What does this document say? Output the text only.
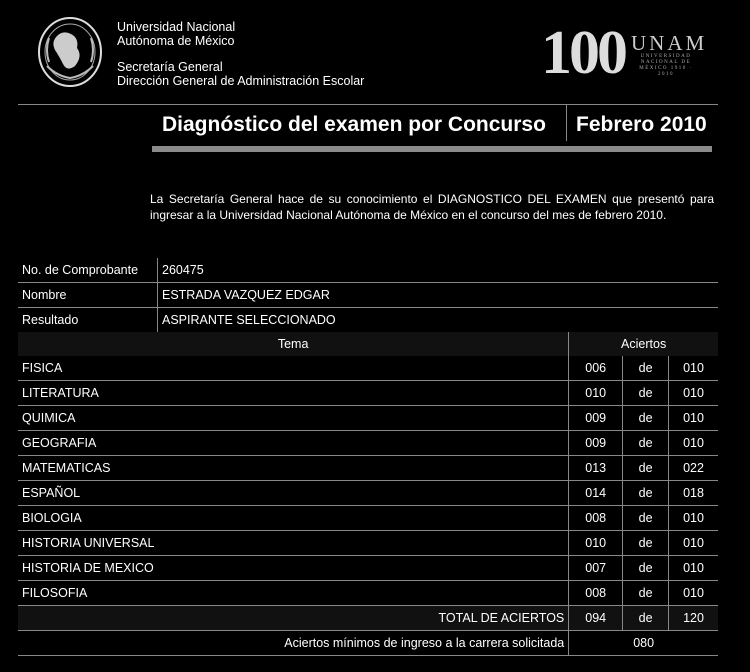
Universidad Nacional
Autónoma de México
Secretaría General
Dirección General de Administración Escolar	100 UNAM
UNIVERSIDAD NACIONAL DE MÉXICO 1910 · 2010
Diagnóstico del examen por Concurso Febrero 2010
La Secretaría General hace de su conocimiento el DIAGNOSTICO DEL EXAMEN que presentó para ingresar a la Universidad Nacional Autónoma de México en el concurso del mes de febrero 2010.
No. de Comprobante	260475
Nombre	ESTRADA VAZQUEZ EDGAR
Resultado	ASPIRANTE SELECCIONADO
Tema	Aciertos		
FISICA	006	de	010
LITERATURA	010	de	010
QUIMICA	009	de	010
GEOGRAFIA	009	de	010
MATEMATICAS	013	de	022
ESPAÑOL	014	de	018
BIOLOGIA	008	de	010
HISTORIA UNIVERSAL	010	de	010
HISTORIA DE MEXICO	007	de	010
FILOSOFIA	008	de	010
TOTAL DE ACIERTOS	094	de	120
Aciertos mínimos de ingreso a la carrera solicitada	080		
